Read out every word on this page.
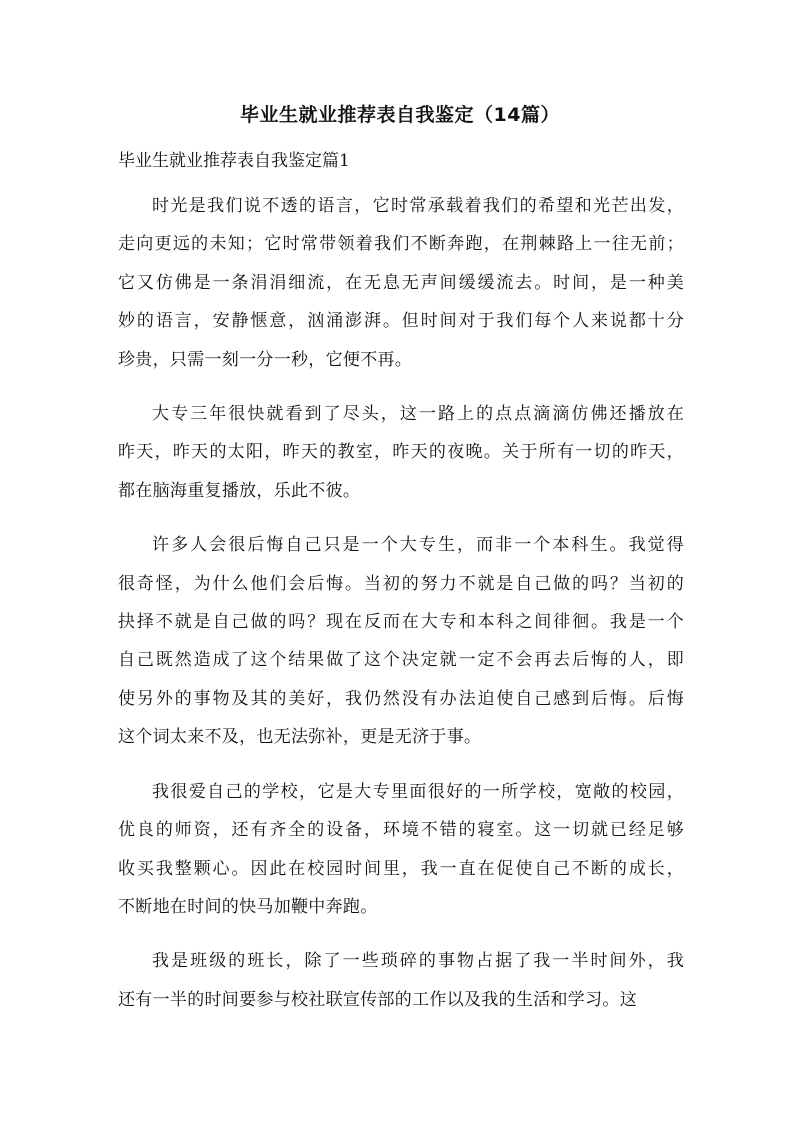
毕业生就业推荐表自我鉴定（14篇）
毕业生就业推荐表自我鉴定篇1
时光是我们说不透的语言，它时常承载着我们的希望和光芒出发，
走向更远的未知；它时常带领着我们不断奔跑，在荆棘路上一往无前；
它又仿佛是一条涓涓细流，在无息无声间缓缓流去。时间，是一种美
妙的语言，安静惬意，汹涌澎湃。但时间对于我们每个人来说都十分
珍贵，只需一刻一分一秒，它便不再。
大专三年很快就看到了尽头，这一路上的点点滴滴仿佛还播放在
昨天，昨天的太阳，昨天的教室，昨天的夜晚。关于所有一切的昨天，
都在脑海重复播放，乐此不彼。
许多人会很后悔自己只是一个大专生，而非一个本科生。我觉得
很奇怪，为什么他们会后悔。当初的努力不就是自己做的吗？当初的
抉择不就是自己做的吗？现在反而在大专和本科之间徘徊。我是一个
自己既然造成了这个结果做了这个决定就一定不会再去后悔的人，即
使另外的事物及其的美好，我仍然没有办法迫使自己感到后悔。后悔
这个词太来不及，也无法弥补，更是无济于事。
我很爱自己的学校，它是大专里面很好的一所学校，宽敞的校园，
优良的师资，还有齐全的设备，环境不错的寝室。这一切就已经足够
收买我整颗心。因此在校园时间里，我一直在促使自己不断的成长，
不断地在时间的快马加鞭中奔跑。
我是班级的班长，除了一些琐碎的事物占据了我一半时间外，我
还有一半的时间要参与校社联宣传部的工作以及我的生活和学习。这
